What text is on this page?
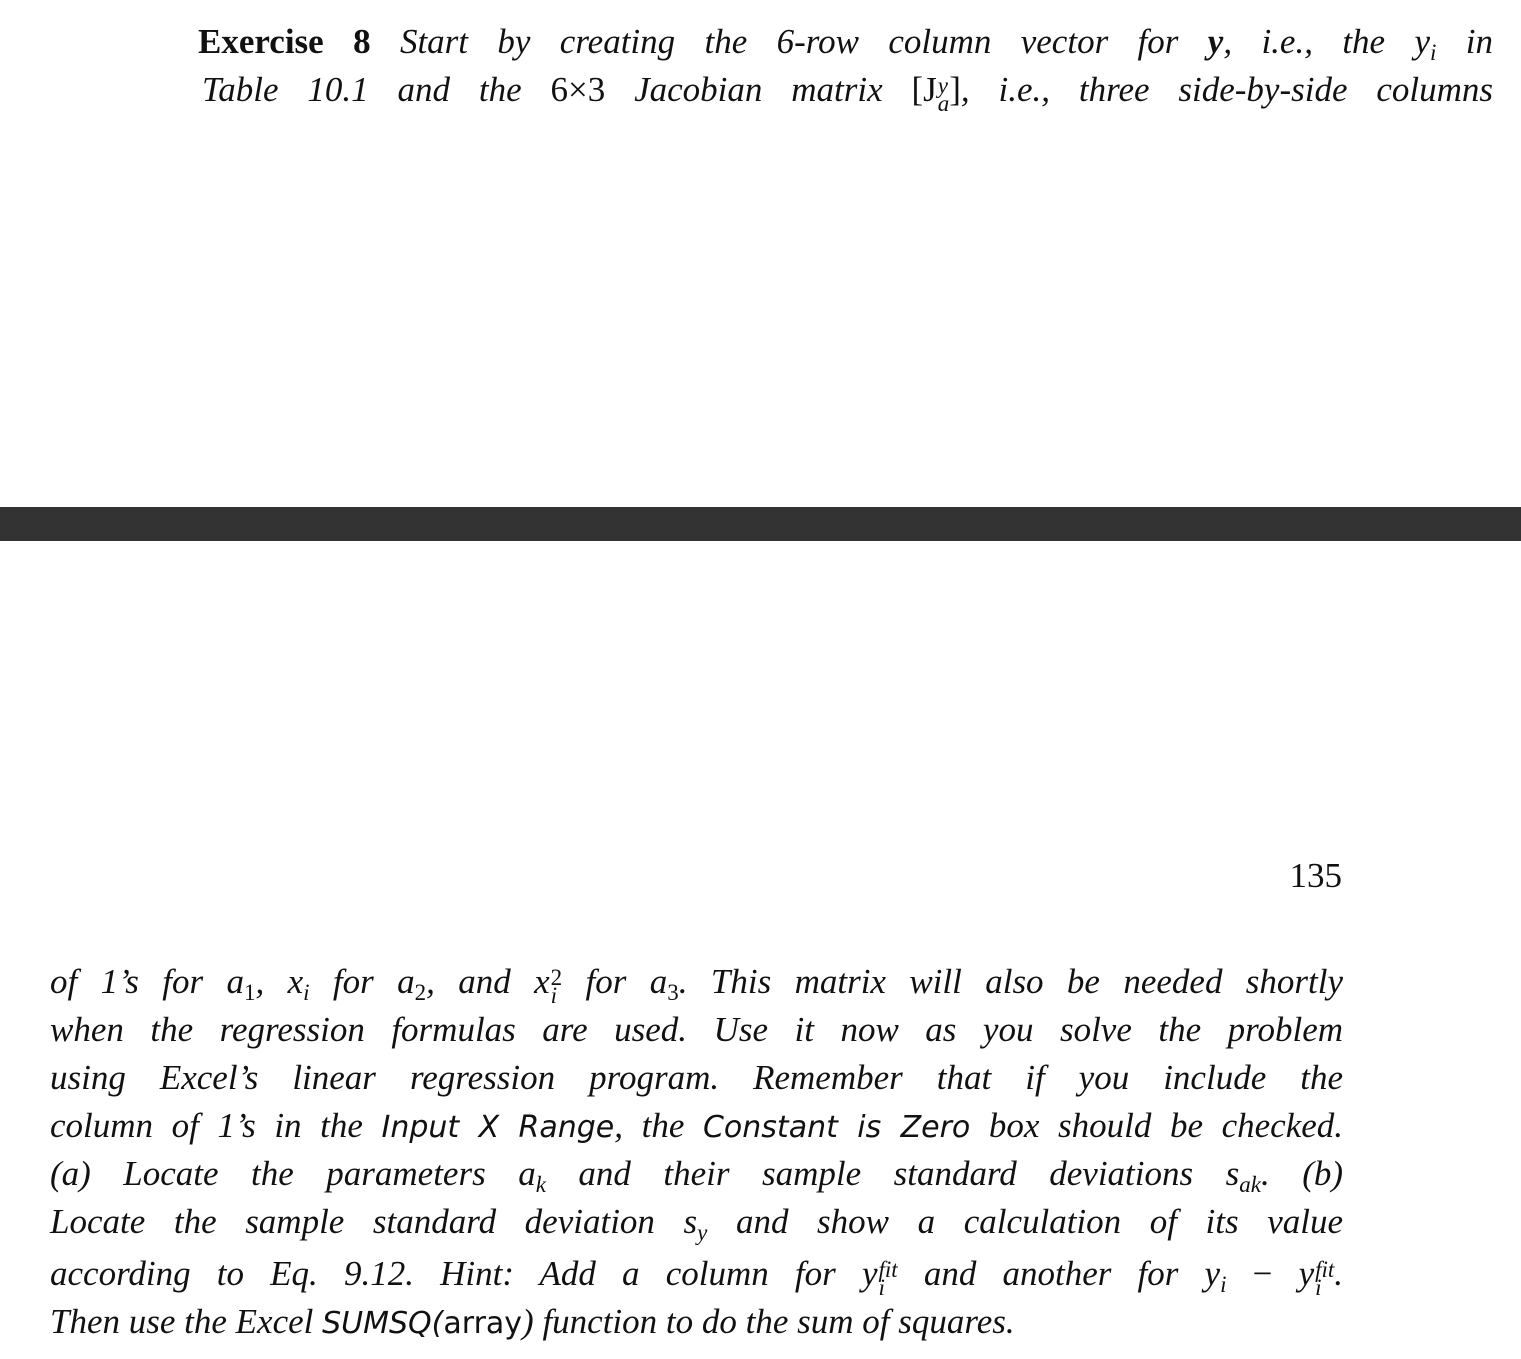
Exercise 8 Start by creating the 6-row column vector for y, i.e., the $y_i$ in
Table 10.1 and the 6×3 Jacobian matrix [J y
a ], i.e., three side-by-side columns
135
of 1’s for $a_1$, $x_i$ for $a_2$, and x 2
i for $a_3$. This matrix will also be needed shortly
when the regression formulas are used. Use it now as you solve the problem
using Excel’s linear regression program. Remember that if you include the
column of 1’s in the Input X Range, the Constant is Zero box should be checked.
(a) Locate the parameters $a_k$ and their sample standard deviations $s_{ak}$. (b)
Locate the sample standard deviation $s_y$ and show a calculation of its value
according to Eq. 9.12. Hint: Add a column for y fit
i	and another for $y_i - y$ fit
i .
Then use the Excel SUMSQ(array) function to do the sum of squares.
